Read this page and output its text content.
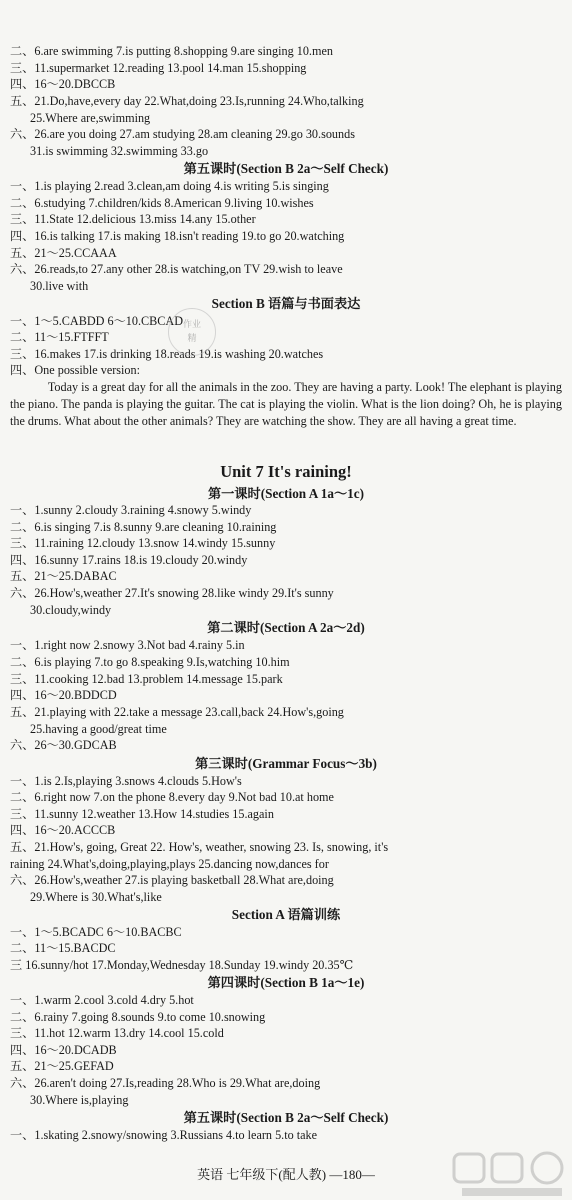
二、6.are swimming 7.is putting 8.shopping 9.are singing 10.men
三、11.supermarket 12.reading 13.pool 14.man 15.shopping
四、16～20.DBCCB
五、21.Do,have,every day 22.What,doing 23.Is,running 24.Who,talking
25.Where are,swimming
六、26.are you doing 27.am studying 28.am cleaning 29.go 30.sounds
31.is swimming 32.swimming 33.go
第五课时(Section B 2a～Self Check)
一、1.is playing 2.read 3.clean,am doing 4.is writing 5.is singing
二、6.studying 7.children/kids 8.American 9.living 10.wishes
三、11.State 12.delicious 13.miss 14.any 15.other
四、16.is talking 17.is making 18.isn't reading 19.to go 20.watching
五、21～25.CCAAA
六、26.reads,to 27.any other 28.is watching,on TV 29.wish to leave
30.live with
Section B 语篇与书面表达
一、1～5.CABDD 6～10.CBCAD
二、11～15.FTFFT
三、16.makes 17.is drinking 18.reads 19.is washing 20.watches
四、One possible version:
Unit 7 It's raining!
第一课时(Section A 1a～1c)
一、1.sunny 2.cloudy 3.raining 4.snowy 5.windy
二、6.is singing 7.is 8.sunny 9.are cleaning 10.raining
三、11.raining 12.cloudy 13.snow 14.windy 15.sunny
四、16.sunny 17.rains 18.is 19.cloudy 20.windy
五、21～25.DABAC
六、26.How's,weather 27.It's snowing 28.like windy 29.It's sunny
30.cloudy,windy
第二课时(Section A 2a～2d)
一、1.right now 2.snowy 3.Not bad 4.rainy 5.in
二、6.is playing 7.to go 8.speaking 9.Is,watching 10.him
三、11.cooking 12.bad 13.problem 14.message 15.park
四、16～20.BDDCD
五、21.playing with 22.take a message 23.call,back 24.How's,going
25.having a good/great time
六、26～30.GDCAB
第三课时(Grammar Focus～3b)
一、1.is 2.Is,playing 3.snows 4.clouds 5.How's
二、6.right now 7.on the phone 8.every day 9.Not bad 10.at home
三、11.sunny 12.weather 13.How 14.studies 15.again
四、16～20.ACCCB
五、21.How's, going, Great 22. How's, weather, snowing 23. Is, snowing, it's
raining 24.What's,doing,playing,plays 25.dancing now,dances for
六、26.How's,weather 27.is playing basketball 28.What are,doing
29.Where is 30.What's,like
Section A 语篇训练
一、1～5.BCADC 6～10.BACBC
二、11～15.BACDC
三 16.sunny/hot 17.Monday,Wednesday 18.Sunday 19.windy 20.35℃
第四课时(Section B 1a～1e)
一、1.warm 2.cool 3.cold 4.dry 5.hot
二、6.rainy 7.going 8.sounds 9.to come 10.snowing
三、11.hot 12.warm 13.dry 14.cool 15.cold
四、16～20.DCADB
五、21～25.GEFAD
六、26.aren't doing 27.Is,reading 28.Who is 29.What are,doing
30.Where is,playing
第五课时(Section B 2a～Self Check)
一、1.skating 2.snowy/snowing 3.Russians 4.to learn 5.to take
Today is a great day for all the animals in the zoo. They are having a party. Look! The elephant is playing the piano. The panda is playing the guitar. The cat is playing the violin. What is the lion doing? Oh, he is playing the drums. What about the other animals? They are watching the show. They are all having a great time.
作业
精
英语 七年级下(配人教) —180—
